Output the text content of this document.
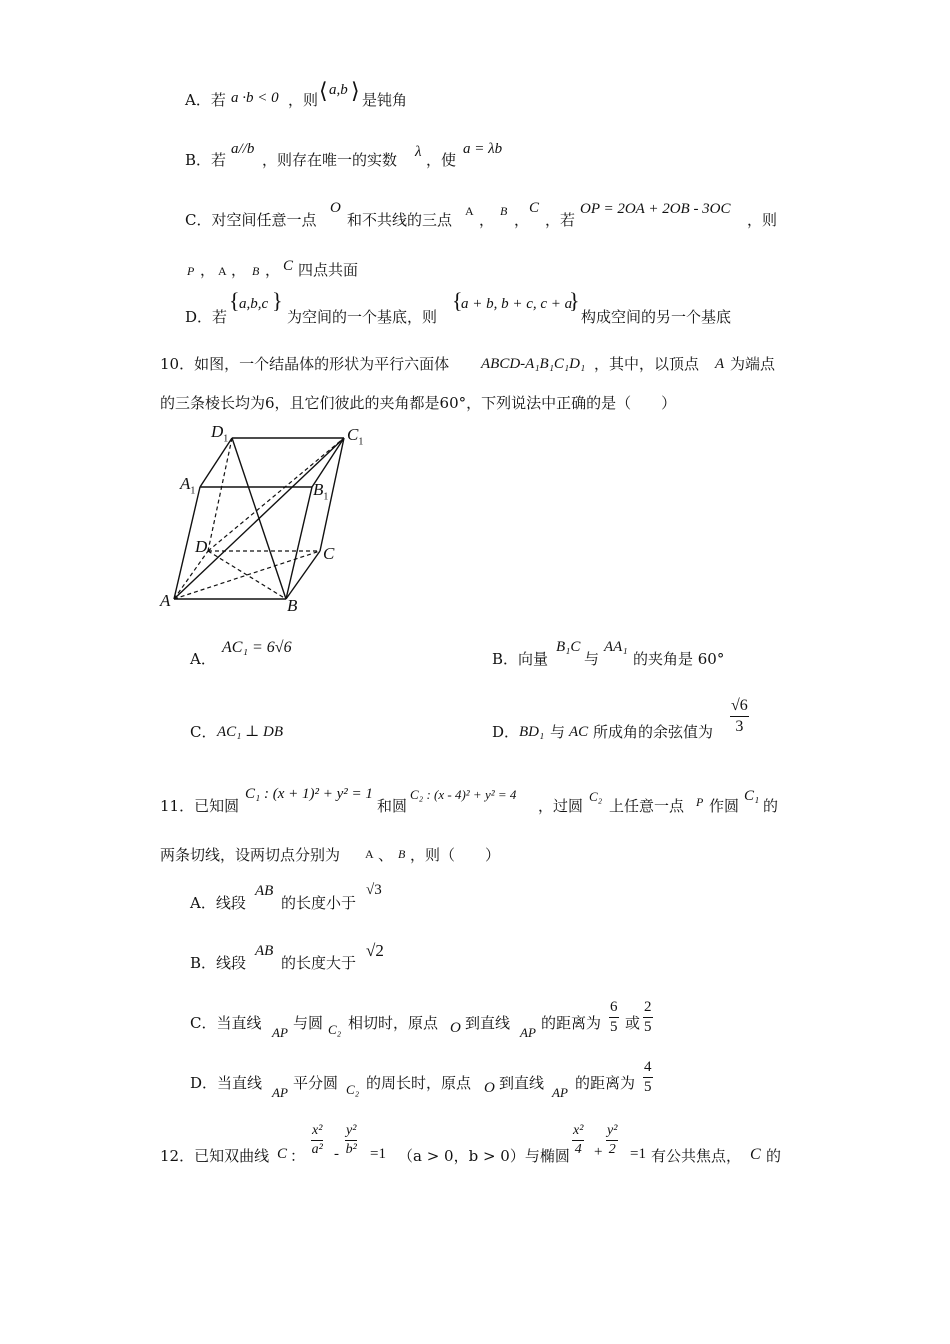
A．若 a ·b < 0 ，则 ⟨ a,b ⟩ 是钝角
B．若
a//b
，则存在唯一的实数 λ ，使
a = λb
C．对空间任意一点
O
和不共线的三点 A ， B ，
C
，若
OP = 2OA + 2OB - 3OC
，则
P ， A ， B ， C 四点共面
D．若
{ a,b,c }
为空间的一个基底，则
{
a + b, b + c, c + a
}
构成空间的另一个基底
10．如图，一个结晶体的形状为平行六面体 ABCD-A₁B₁C₁D₁ ，其中，以顶点 A 为端点
的三条棱长均为6，且它们彼此的夹角都是60°，下列说法中正确的是（　　）
$D_1$	$C_1$
$A_1$	$B_1$
D	C
A	B
A．
AC₁ = 6√6
B．向量
B₁C
与
AA₁
的夹角是 60°
C． AC₁ ⊥ DB	D． BD₁ 与 AC 所成角的余弦值为
√6
3
11．已知圆
C₁ : (x + 1)² + y² = 1
和圆
C₂ : (x - 4)² + y² = 4
，过圆
C₂
上任意一点 P 作圆
C₁
的
两条切线，设两切点分别为 A 、 B ，则（　　）
A．线段
AB
的长度小于
√3
B．线段
AB
的长度大于
√2
C．当直线
AP
与圆 C₂ 相切时，原点 O 到直线
AP
的距离为
6
5 或
2
5
D．当直线
AP
平分圆 C₂ 的周长时，原点 O 到直线
AP
的距离为
4
5
12．已知双曲线 C ：
x²
a² -
y²
b² =1 （a > 0，b > 0）与椭圆
x²
4 +
y²
2 =1 有公共焦点， C 的
